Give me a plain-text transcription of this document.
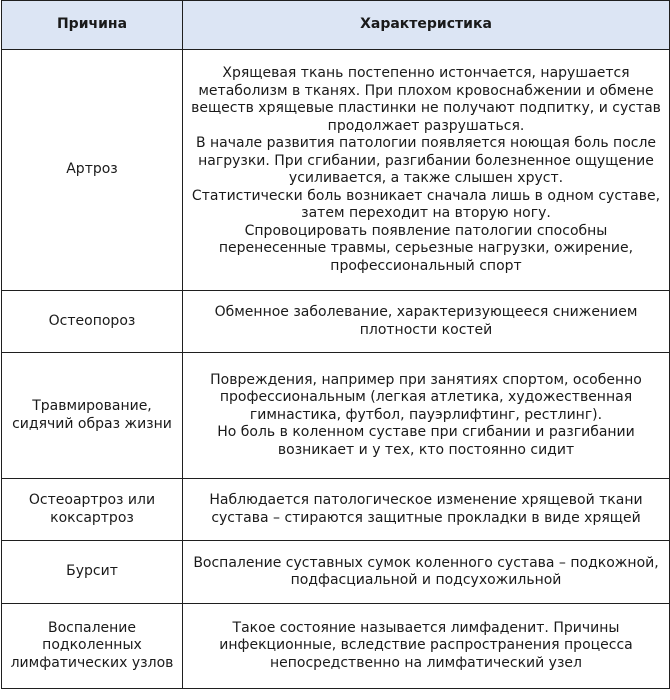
Причина	Характеристика
Артроз	Хрящевая ткань постепенно истончается, нарушается метаболизм в тканях. При плохом кровоснабжении и обмене веществ хрящевые пластинки не получают подпитку, и сустав продолжает разрушаться.
В начале развития патологии появляется ноющая боль после нагрузки. При сгибании, разгибании болезненное ощущение усиливается, а также слышен хруст.
Статистически боль возникает сначала лишь в одном суставе, затем переходит на вторую ногу.
Спровоцировать появление патологии способны перенесенные травмы, серьезные нагрузки, ожирение, профессиональный спорт

Остеопороз	Обменное заболевание, характеризующееся снижением плотности костей

Травмирование, сидячий образ жизни	Повреждения, например при занятиях спортом, особенно профессиональным (легкая атлетика, художественная гимнастика, футбол, пауэрлифтинг, рестлинг).
Но боль в коленном суставе при сгибании и разгибании возникает и у тех, кто постоянно сидит

Остеоартроз или коксартроз	Наблюдается патологическое изменение хрящевой ткани сустава – стираются защитные прокладки в виде хрящей

Бурсит	Воспаление суставных сумок коленного сустава – подкожной, подфасциальной и подсухожильной

Воспаление подколенных лимфатических узлов	Такое состояние называется лимфаденит. Причины инфекционные, вследствие распространения процесса непосредственно на лимфатический узел
